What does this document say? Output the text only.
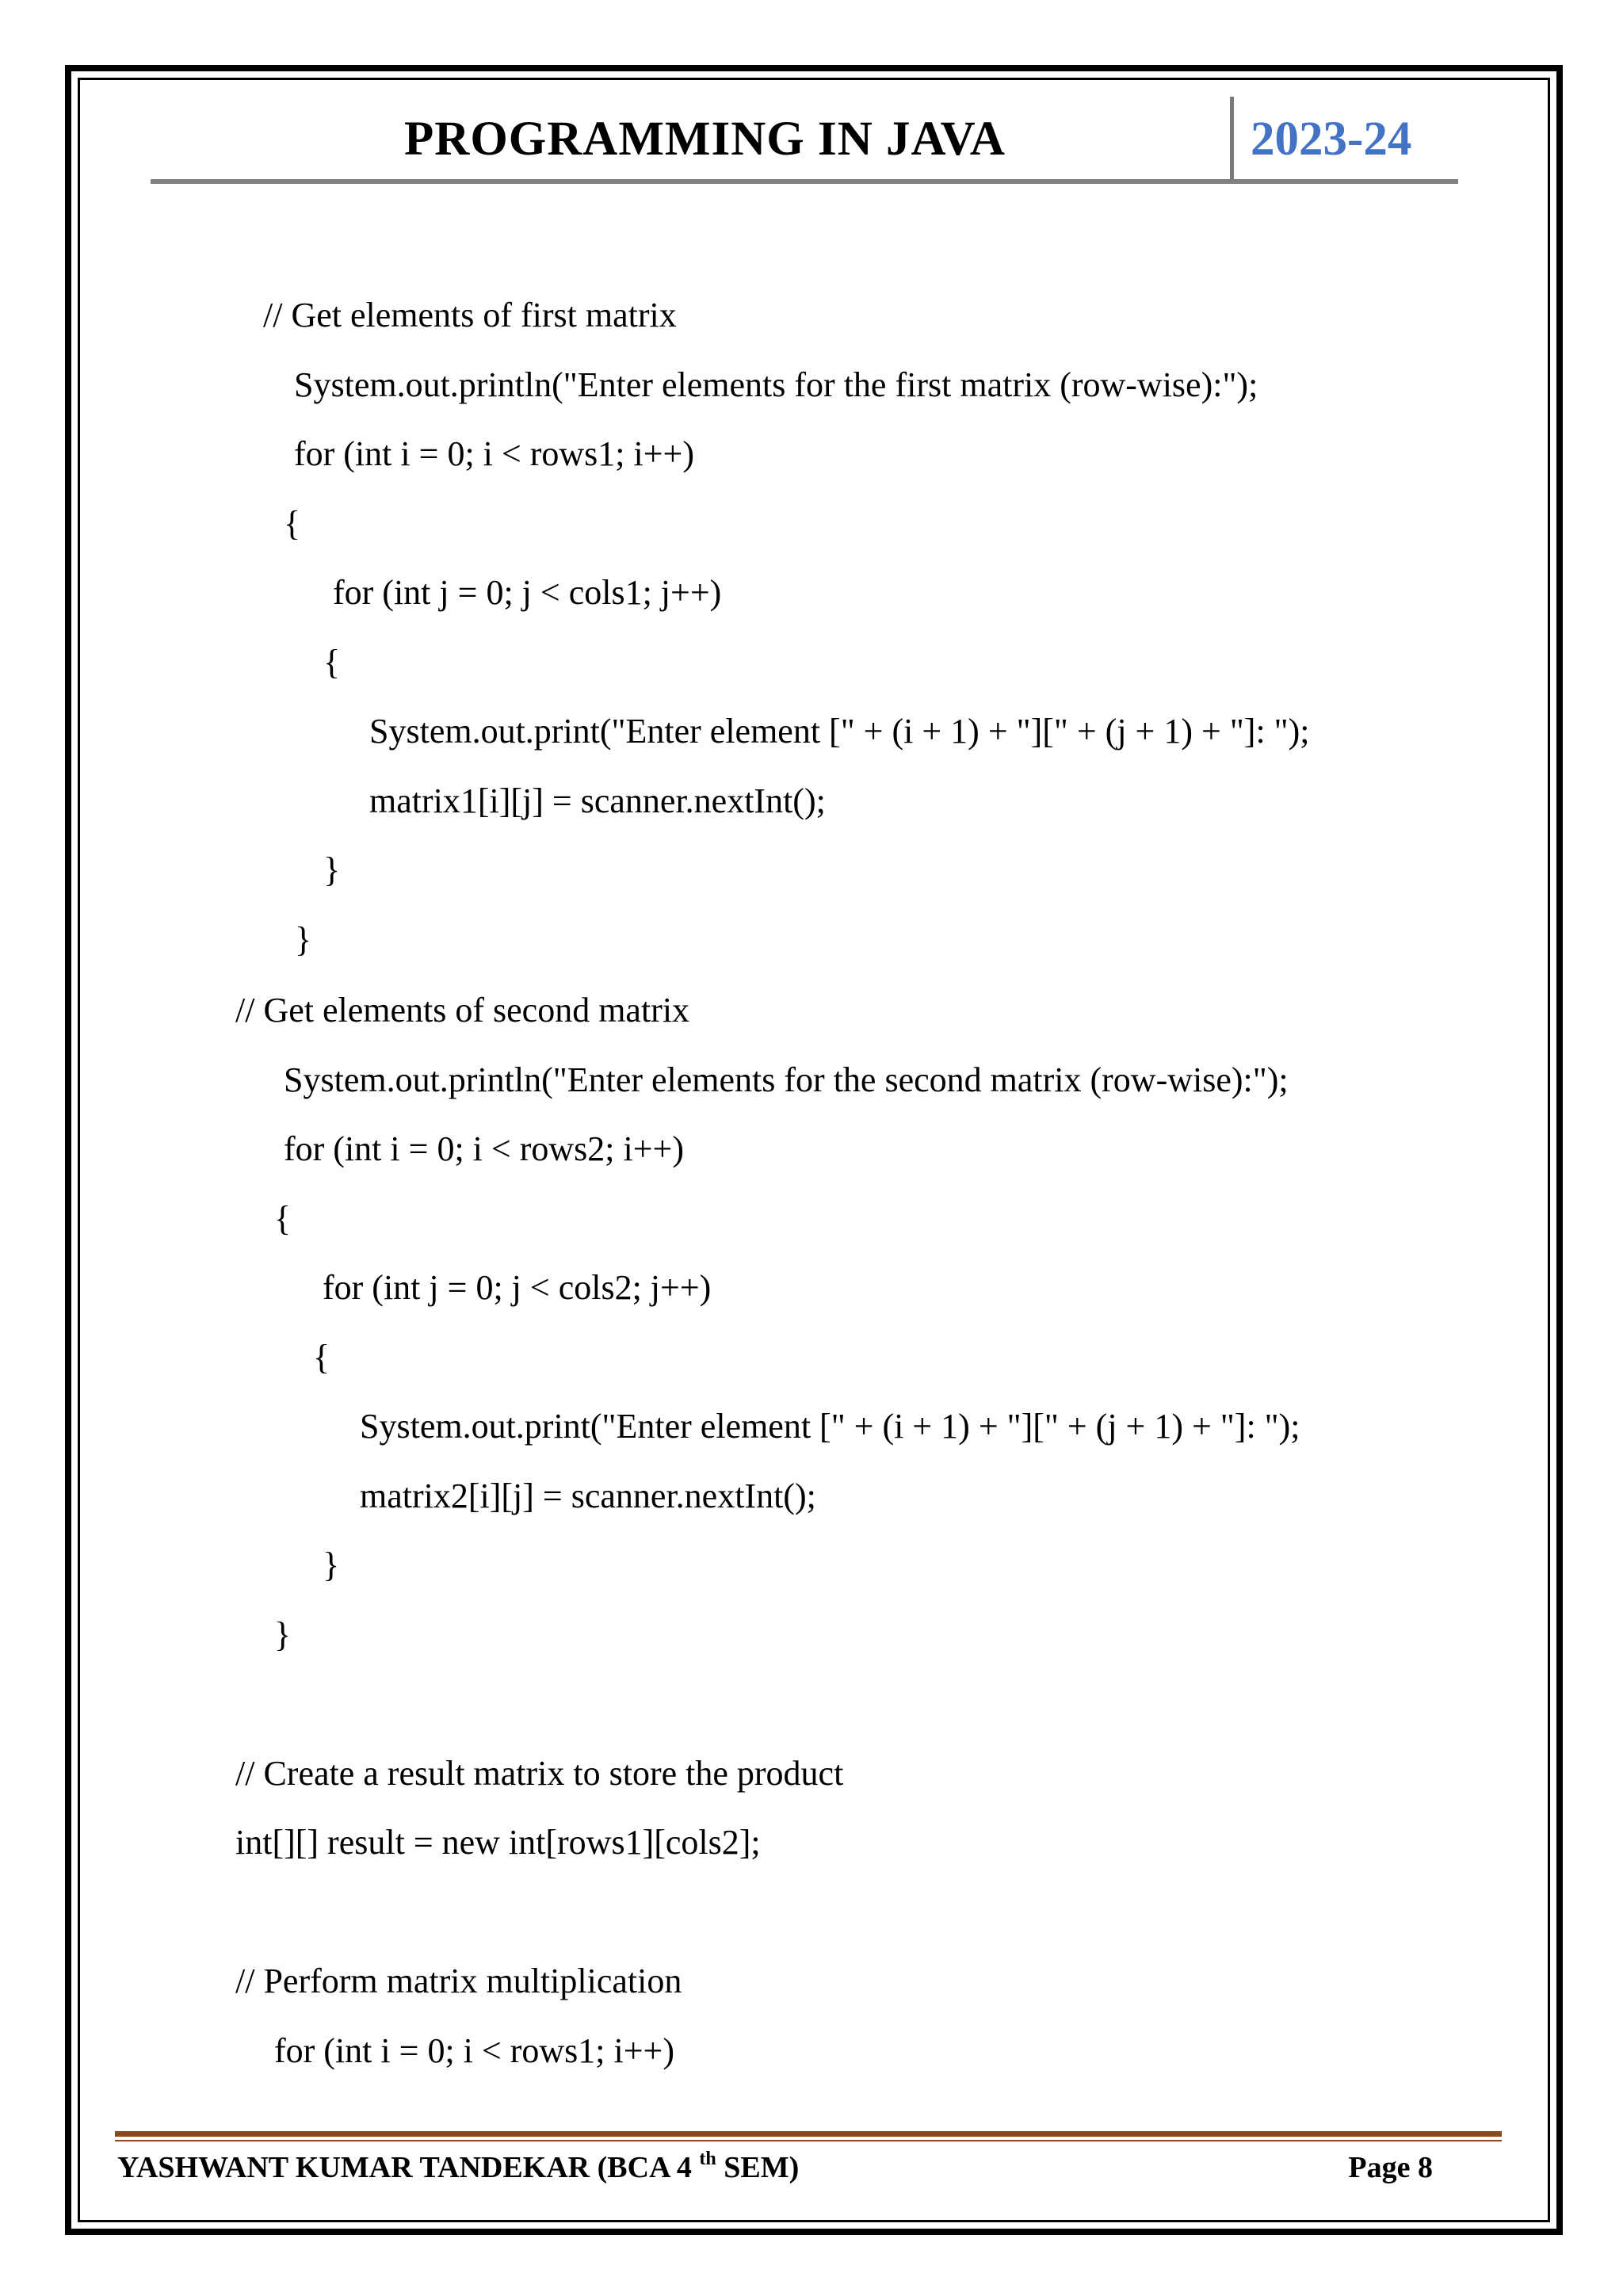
PROGRAMMING IN JAVA	2023-24
// Get elements of first matrix
System.out.println("Enter elements for the first matrix (row-wise):");
for (int i = 0; i < rows1; i++)
{
for (int j = 0; j < cols1; j++)
{
System.out.print("Enter element [" + (i + 1) + "][" + (j + 1) + "]: ");
matrix1[i][j] = scanner.nextInt();
}
}
// Get elements of second matrix
System.out.println("Enter elements for the second matrix (row-wise):");
for (int i = 0; i < rows2; i++)
{
for (int j = 0; j < cols2; j++)
{
System.out.print("Enter element [" + (i + 1) + "][" + (j + 1) + "]: ");
matrix2[i][j] = scanner.nextInt();
}
}
// Create a result matrix to store the product
int[][] result = new int[rows1][cols2];
// Perform matrix multiplication
for (int i = 0; i < rows1; i++)
YASHWANT KUMAR TANDEKAR (BCA 4 $^{th}$ SEM)	Page 8
